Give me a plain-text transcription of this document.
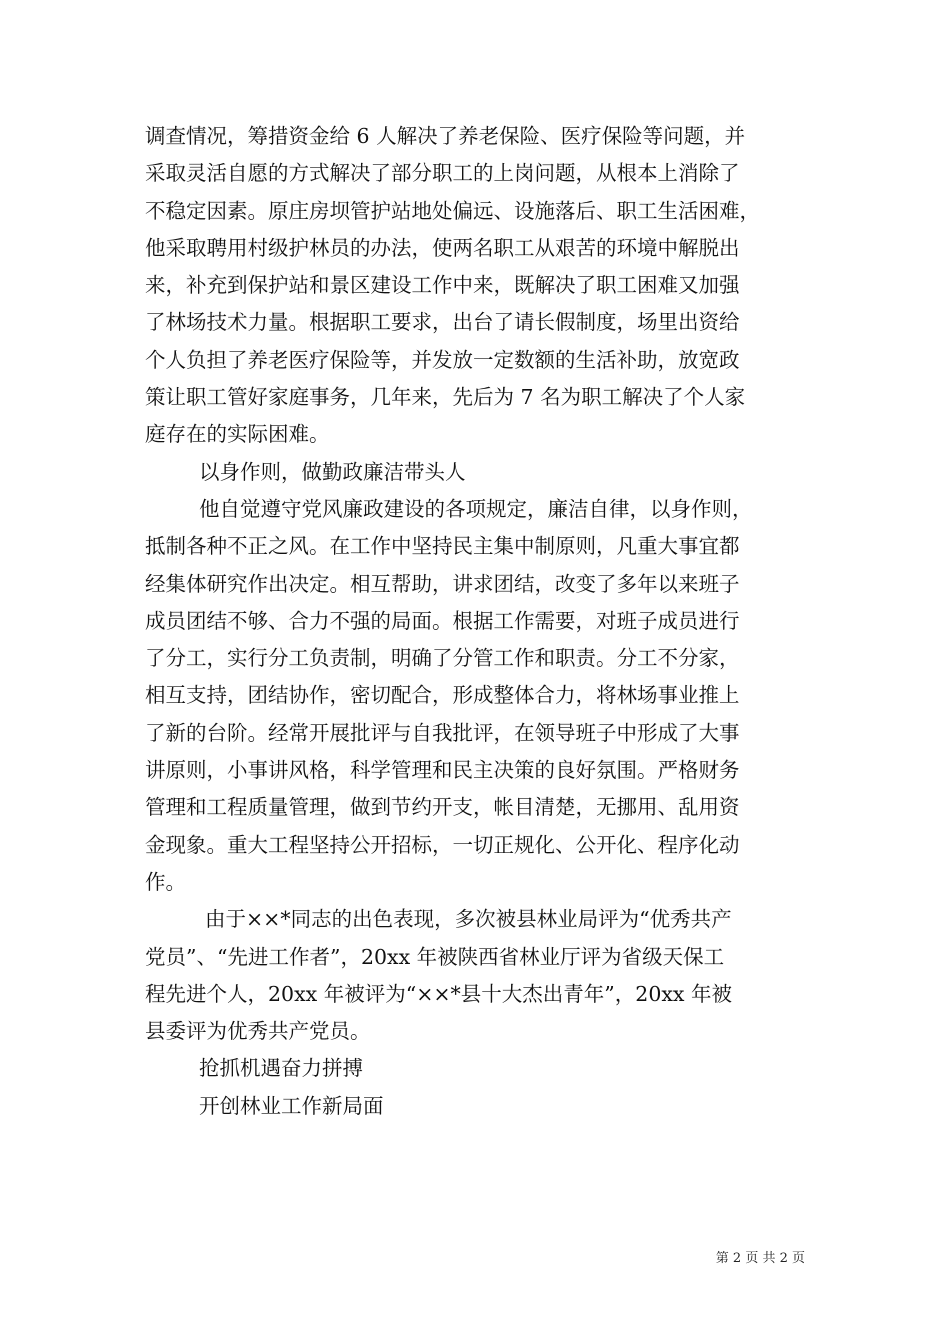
调查情况，筹措资金给 6 人解决了养老保险、医疗保险等问题，并
采取灵活自愿的方式解决了部分职工的上岗问题，从根本上消除了
不稳定因素。原庄房坝管护站地处偏远、设施落后、职工生活困难，
他采取聘用村级护林员的办法，使两名职工从艰苦的环境中解脱出
来，补充到保护站和景区建设工作中来，既解决了职工困难又加强
了林场技术力量。根据职工要求，出台了请长假制度，场里出资给
个人负担了养老医疗保险等，并发放一定数额的生活补助，放宽政
策让职工管好家庭事务，几年来，先后为 7 名为职工解决了个人家
庭存在的实际困难。
以身作则，做勤政廉洁带头人
他自觉遵守党风廉政建设的各项规定，廉洁自律，以身作则，
抵制各种不正之风。在工作中坚持民主集中制原则，凡重大事宜都
经集体研究作出决定。相互帮助，讲求团结，改变了多年以来班子
成员团结不够、合力不强的局面。根据工作需要，对班子成员进行
了分工，实行分工负责制，明确了分管工作和职责。分工不分家，
相互支持，团结协作，密切配合，形成整体合力，将林场事业推上
了新的台阶。经常开展批评与自我批评，在领导班子中形成了大事
讲原则，小事讲风格，科学管理和民主决策的良好氛围。严格财务
管理和工程质量管理，做到节约开支，帐目清楚，无挪用、乱用资
金现象。重大工程坚持公开招标，一切正规化、公开化、程序化动
作。
由于××*同志的出色表现，多次被县林业局评为“优秀共产
党员”、“先进工作者”，20xx 年被陕西省林业厅评为省级天保工
程先进个人，20xx 年被评为“××*县十大杰出青年”，20xx 年被
县委评为优秀共产党员。
抢抓机遇奋力拼搏
开创林业工作新局面
第 2 页 共 2 页
